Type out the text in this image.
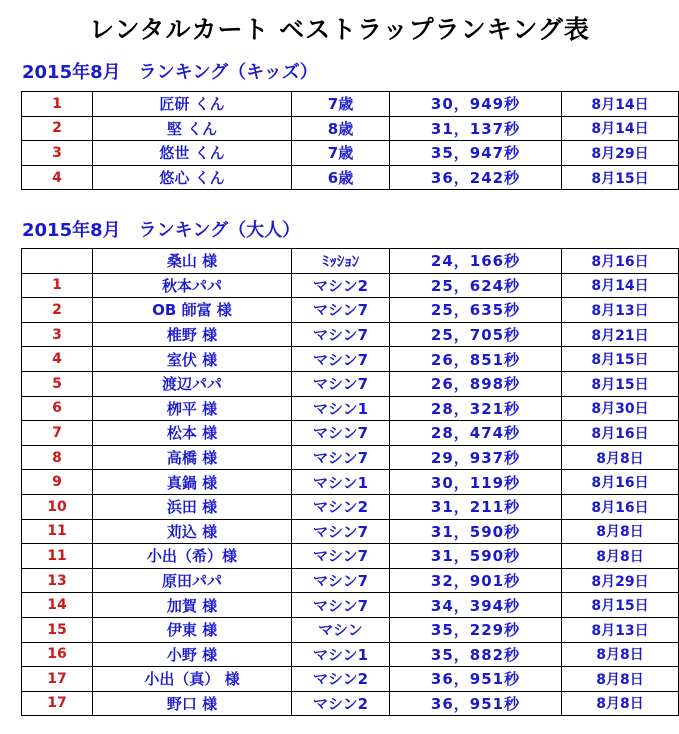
レンタルカート ベストラップランキング表
2015年8月　ランキング（キッズ）
1	匠研 くん	7歳	30，949秒	8月14日
2	堅 くん	8歳	31，137秒	8月14日
3	悠世 くん	7歳	35，947秒	8月29日
4	悠心 くん	6歳	36，242秒	8月15日
2015年8月　ランキング（大人）
	桑山 様	ﾐｯｼｮﾝ	24，166秒	8月16日
1	秋本パパ	マシン2	25，624秒	8月14日
2	OB 師富 様	マシン7	25，635秒	8月13日
3	椎野 様	マシン7	25，705秒	8月21日
4	室伏 様	マシン7	26，851秒	8月15日
5	渡辺パパ	マシン7	26，898秒	8月15日
6	栁平 様	マシン1	28，321秒	8月30日
7	松本 様	マシン7	28，474秒	8月16日
8	高橋 様	マシン7	29，937秒	8月8日
9	真鍋 様	マシン1	30，119秒	8月16日
10	浜田 様	マシン2	31，211秒	8月16日
11	苅込 様	マシン7	31，590秒	8月8日
11	小出（希）様	マシン7	31，590秒	8月8日
13	原田パパ	マシン7	32，901秒	8月29日
14	加賀 様	マシン7	34，394秒	8月15日
15	伊東 様	マシン	35，229秒	8月13日
16	小野 様	マシン1	35，882秒	8月8日
17	小出（真） 様	マシン2	36，951秒	8月8日
17	野口 様	マシン2	36，951秒	8月8日
